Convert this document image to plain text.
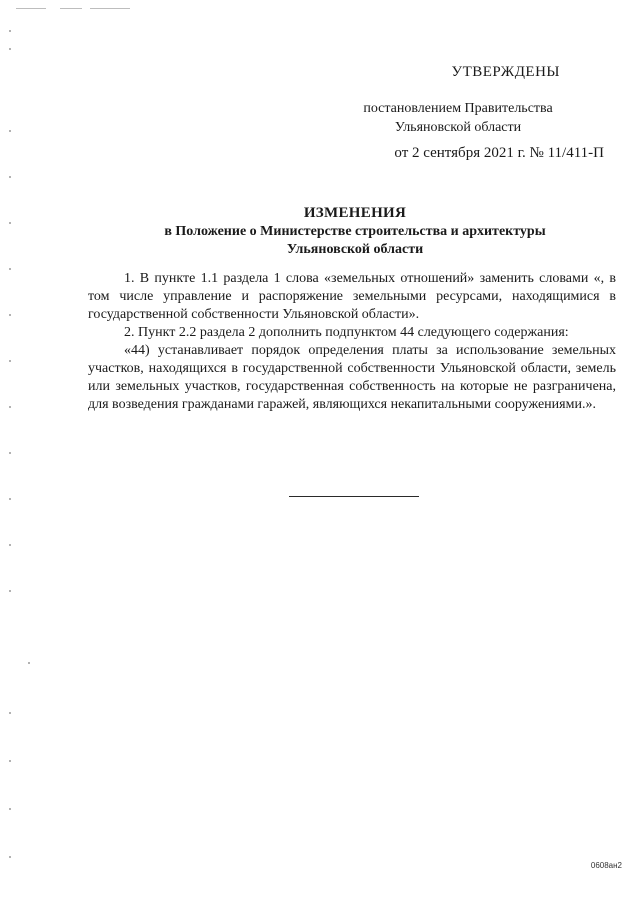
УТВЕРЖДЕНЫ
постановлением Правительства
Ульяновской области
от 2 сентября 2021 г. № 11/411-П
ИЗМЕНЕНИЯ
в Положение о Министерстве строительства и архитектуры
Ульяновской области

1. В пункте 1.1 раздела 1 слова «земельных отношений» заменить словами «, в том числе управление и распоряжение земельными ресурсами, находящимися в государственной собственности Ульяновской области».

2. Пункт 2.2 раздела 2 дополнить подпунктом 44 следующего содержания:

«44) устанавливает порядок определения платы за использование земельных участков, находящихся в государственной собственности Ульяновской области, земель или земельных участков, государственная собственность на которые не разграничена, для возведения гражданами гаражей, являющихся некапитальными сооружениями.».

0608ан2
